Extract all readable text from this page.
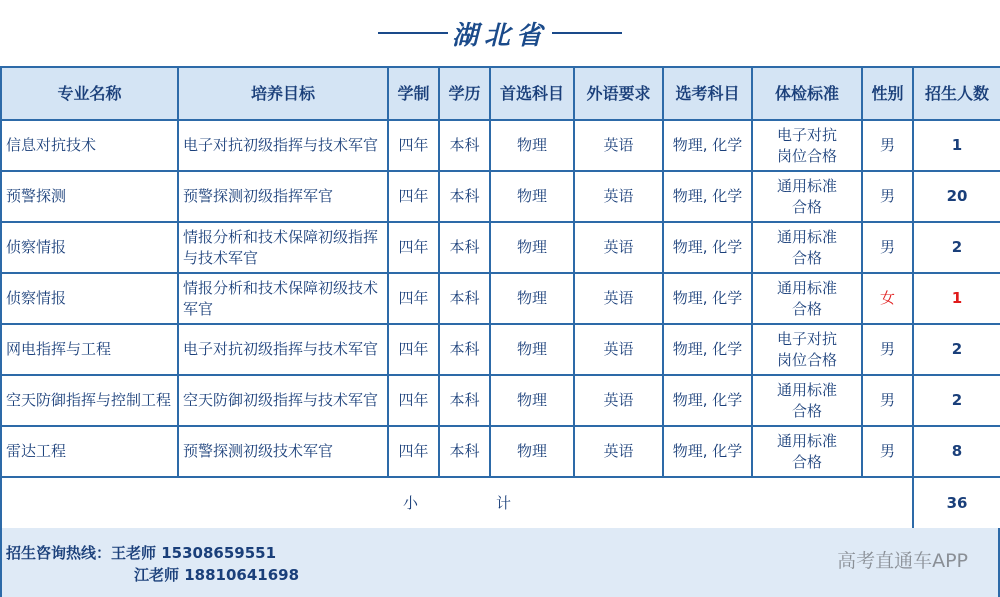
湖北省
专业名称	培养目标	学制	学历	首选科目	外语要求	选考科目	体检标准	性别	招生人数
信息对抗技术	电子对抗初级指挥与技术军官	四年	本科	物理	英语	物理, 化学	电子对抗岗位合格	男	1
预警探测	预警探测初级指挥军官	四年	本科	物理	英语	物理, 化学	通用标准合格	男	20
侦察情报	情报分析和技术保障初级指挥与技术军官	四年	本科	物理	英语	物理, 化学	通用标准合格	男	2
侦察情报	情报分析和技术保障初级技术军官	四年	本科	物理	英语	物理, 化学	通用标准合格	女	1
网电指挥与工程	电子对抗初级指挥与技术军官	四年	本科	物理	英语	物理, 化学	电子对抗岗位合格	男	2
空天防御指挥与控制工程	空天防御初级指挥与技术军官	四年	本科	物理	英语	物理, 化学	通用标准合格	男	2
雷达工程	预警探测初级技术军官	四年	本科	物理	英语	物理, 化学	通用标准合格	男	8
小 计									36
招生咨询热线：王老师 15308659551
江老师 18810641698
高考直通车APP
